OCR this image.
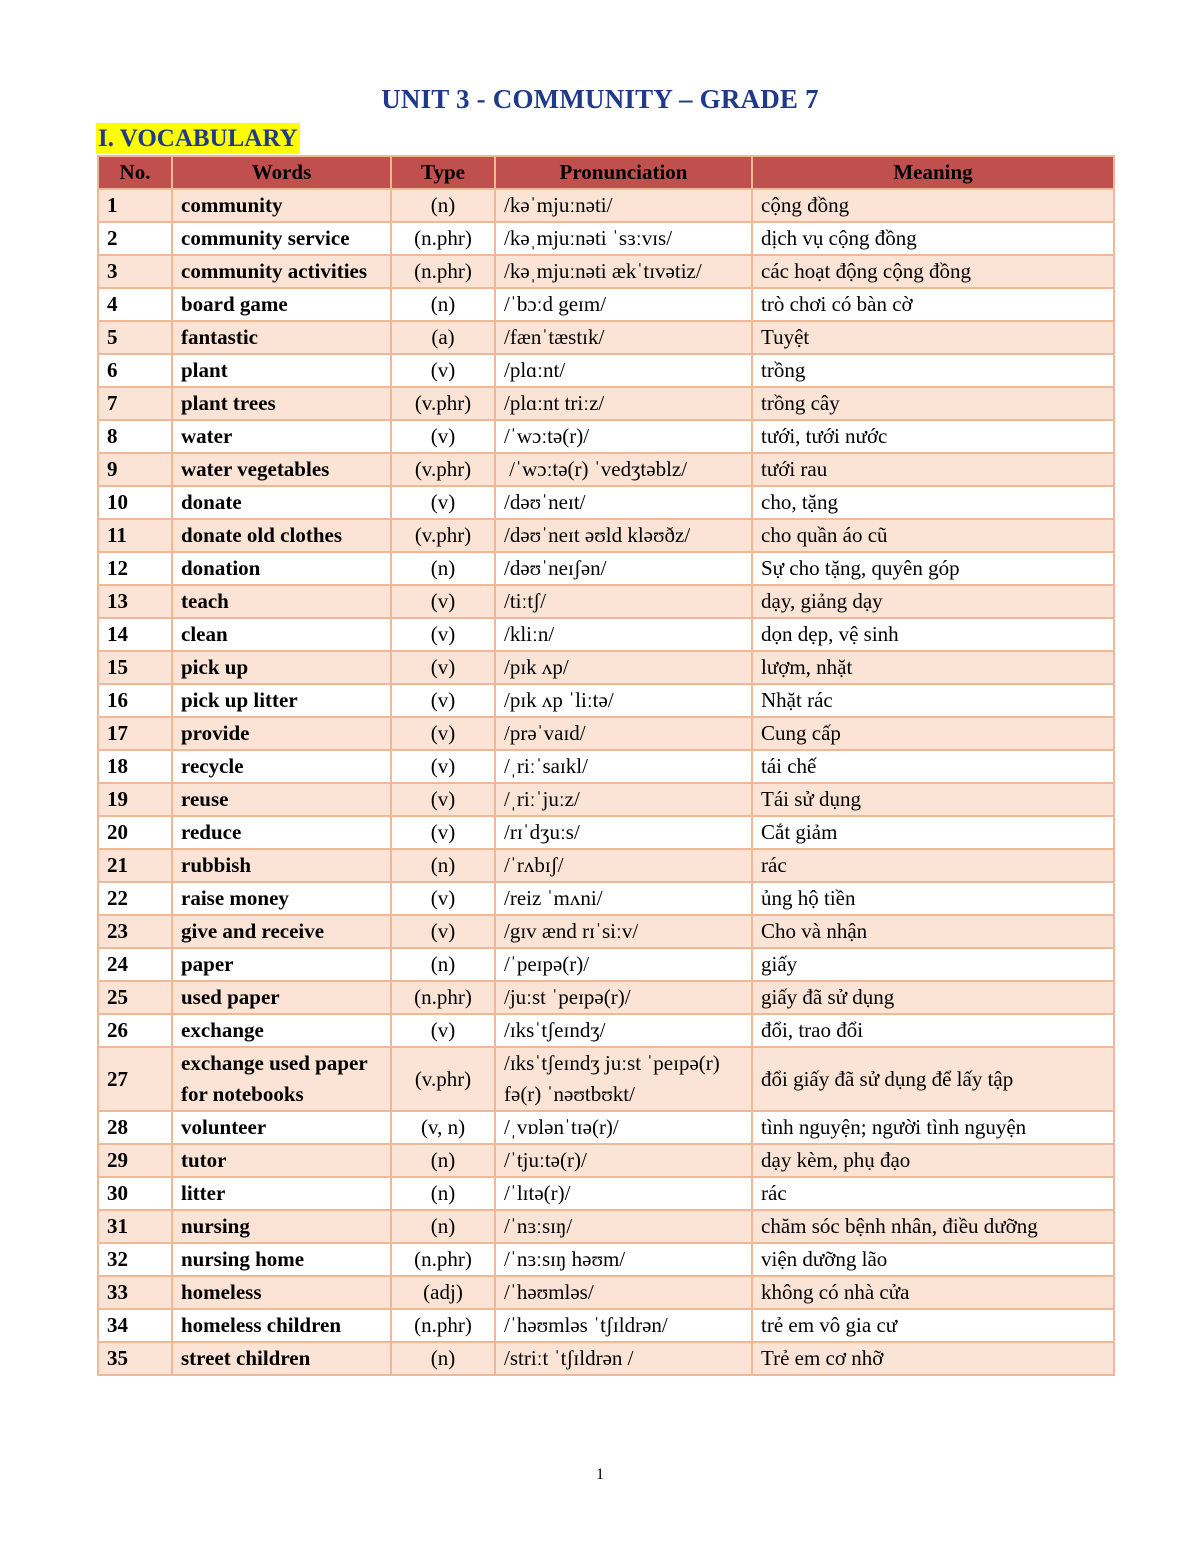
UNIT 3 - COMMUNITY – GRADE 7
I. VOCABULARY
No.	Words	Type	Pronunciation	Meaning
1	community	(n)	/kəˈmjuːnəti/	cộng đồng
2	community service	(n.phr)	/kəˌmjuːnəti ˈsɜːvɪs/	dịch vụ cộng đồng
3	community activities	(n.phr)	/kəˌmjuːnəti ækˈtɪvətiz/	các hoạt động cộng đồng
4	board game	(n)	/ˈbɔːd geɪm/	trò chơi có bàn cờ
5	fantastic	(a)	/fænˈtæstɪk/	Tuyệt
6	plant	(v)	/plɑːnt/	trồng
7	plant trees	(v.phr)	/plɑːnt triːz/	trồng cây
8	water	(v)	/ˈwɔːtə(r)/	tưới, tưới nước
9	water vegetables	(v.phr)	/ˈwɔːtə(r) ˈvedʒtəblz/	tưới rau
10	donate	(v)	/dəʊˈneɪt/	cho, tặng
11	donate old clothes	(v.phr)	/dəʊˈneɪt əʊld kləʊðz/	cho quần áo cũ
12	donation	(n)	/dəʊˈneɪʃən/	Sự cho tặng, quyên góp
13	teach	(v)	/tiːtʃ/	dạy, giảng dạy
14	clean	(v)	/kliːn/	dọn dẹp, vệ sinh
15	pick up	(v)	/pɪk ʌp/	lượm, nhặt
16	pick up litter	(v)	/pɪk ʌp ˈliːtə/	Nhặt rác
17	provide	(v)	/prəˈvaɪd/	Cung cấp
18	recycle	(v)	/ˌriːˈsaɪkl/	tái chế
19	reuse	(v)	/ˌriːˈjuːz/	Tái sử dụng
20	reduce	(v)	/rɪˈdʒuːs/	Cắt giảm
21	rubbish	(n)	/ˈrʌbɪʃ/	rác
22	raise money	(v)	/reiz ˈmʌni/	ủng hộ tiền
23	give and receive	(v)	/gɪv ænd rɪˈsiːv/	Cho và nhận
24	paper	(n)	/ˈpeɪpə(r)/	giấy
25	used paper	(n.phr)	/juːst ˈpeɪpə(r)/	giấy đã sử dụng
26	exchange	(v)	/ɪksˈtʃeɪndʒ/	đổi, trao đổi
27	exchange used paper for notebooks	(v.phr)	/ɪksˈtʃeɪndʒ juːst ˈpeɪpə(r) fə(r) ˈnəʊtbʊkt/	đổi giấy đã sử dụng để lấy tập
28	volunteer	(v, n)	/ˌvɒlənˈtɪə(r)/	tình nguyện; người tình nguyện
29	tutor	(n)	/ˈtjuːtə(r)/	dạy kèm, phụ đạo
30	litter	(n)	/ˈlɪtə(r)/	rác
31	nursing	(n)	/ˈnɜːsɪŋ/	chăm sóc bệnh nhân, điều dưỡng
32	nursing home	(n.phr)	/ˈnɜːsɪŋ həʊm/	viện dưỡng lão
33	homeless	(adj)	/ˈhəʊmləs/	không có nhà cửa
34	homeless children	(n.phr)	/ˈhəʊmləs ˈtʃɪldrən/	trẻ em vô gia cư
35	street children	(n)	/striːt ˈtʃɪldrən /	Trẻ em cơ nhỡ
1
